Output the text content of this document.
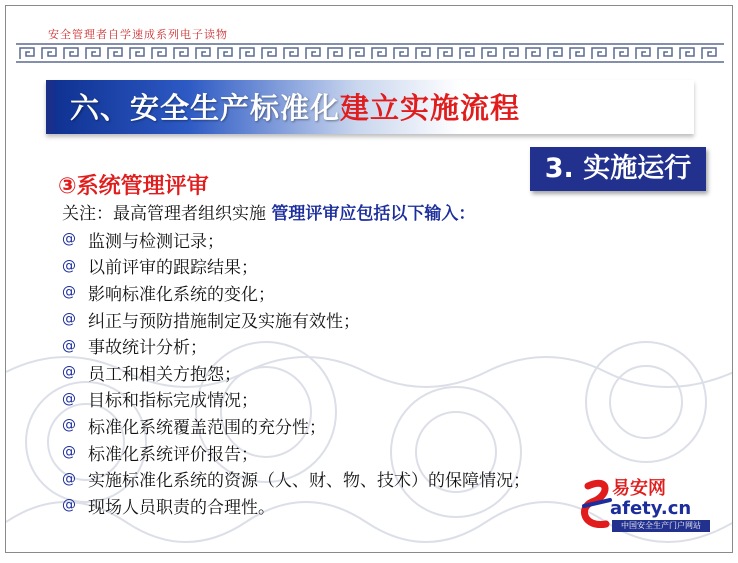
安全管理者自学速成系列电子读物
六、安全生产标准化建立实施流程
3. 实施运行
③系统管理评审
关注：最高管理者组织实施 管理评审应包括以下输入：
@ 监测与检测记录；
@ 以前评审的跟踪结果；
@ 影响标准化系统的变化；
@ 纠正与预防措施制定及实施有效性；
@ 事故统计分析；
@ 员工和相关方抱怨；
@ 目标和指标完成情况；
@ 标准化系统覆盖范围的充分性；
@ 标准化系统评价报告；
@ 实施标准化系统的资源（人、财、物、技术）的保障情况；
@ 现场人员职责的合理性。
易安网
afety.cn
中国安全生产门户网站
